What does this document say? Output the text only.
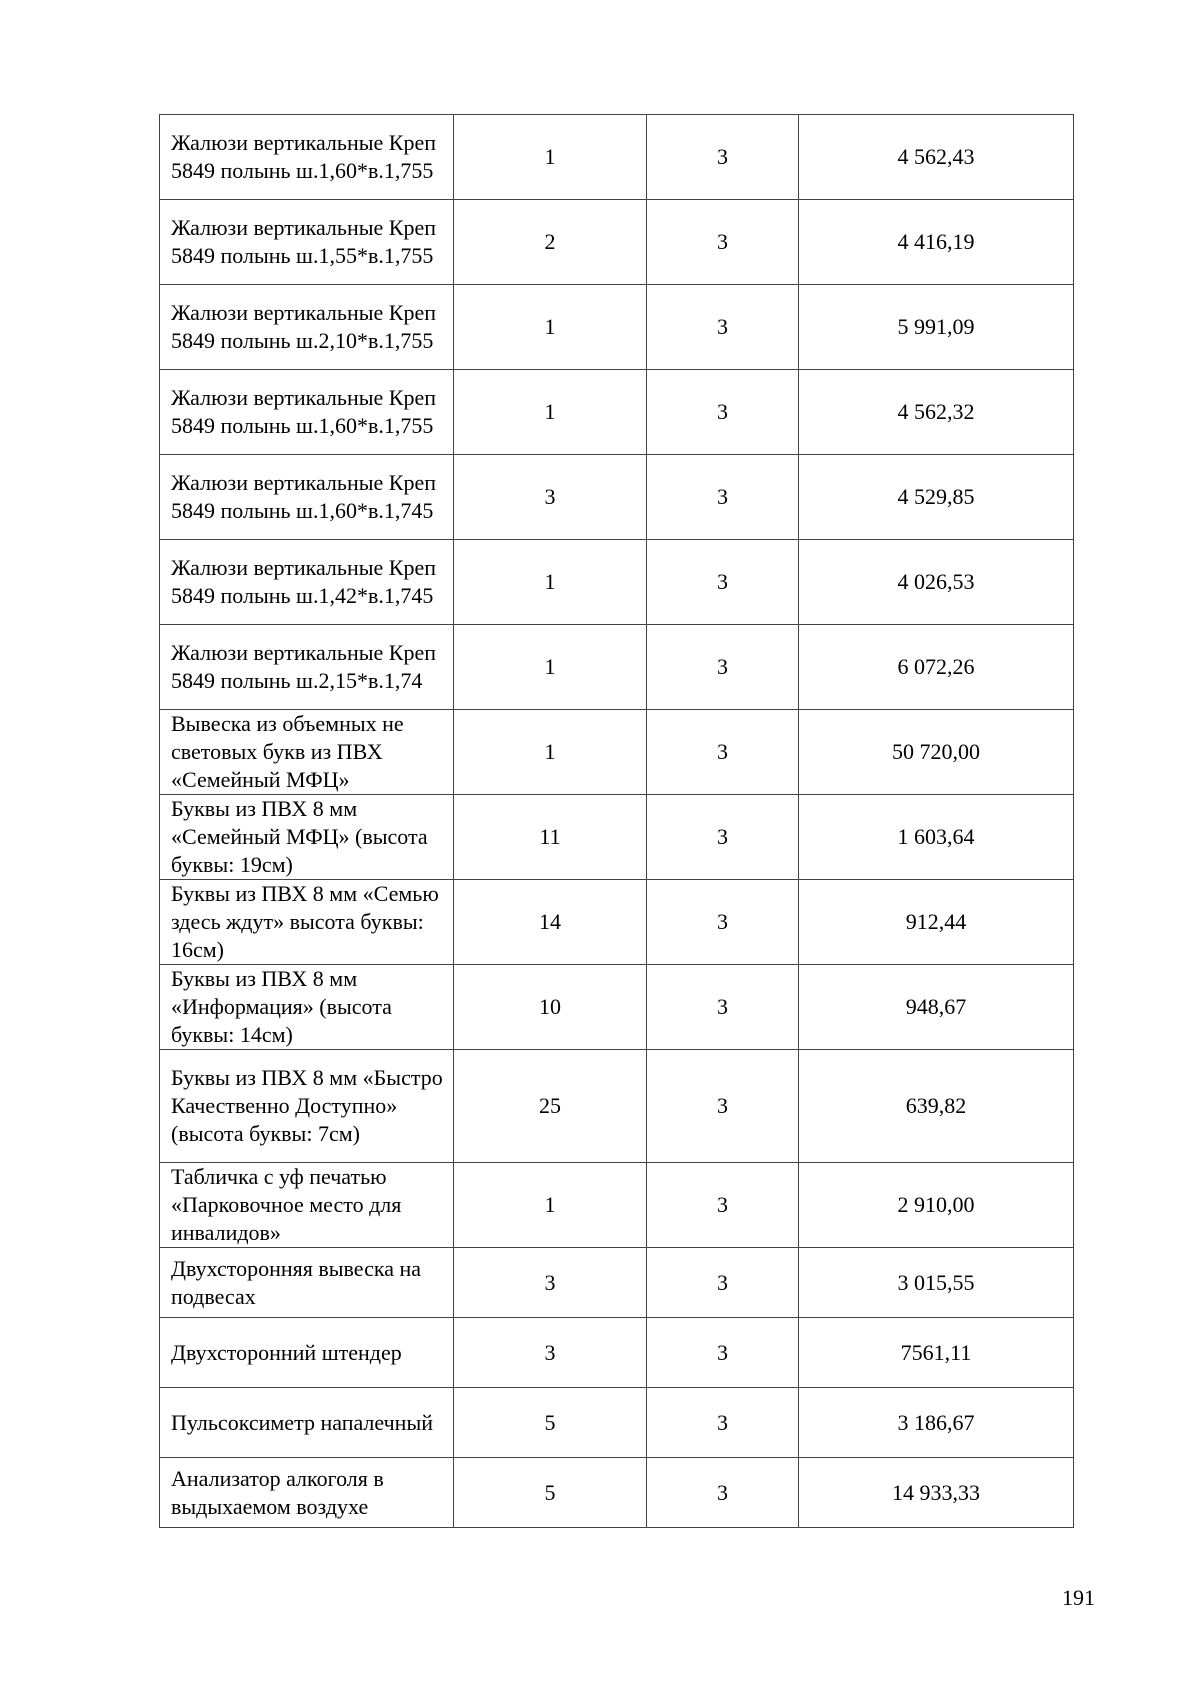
Жалюзи вертикальные Креп 5849 полынь ш.1,60*в.1,755	1	3	4 562,43
Жалюзи вертикальные Креп 5849 полынь ш.1,55*в.1,755	2	3	4 416,19
Жалюзи вертикальные Креп 5849 полынь ш.2,10*в.1,755	1	3	5 991,09
Жалюзи вертикальные Креп 5849 полынь ш.1,60*в.1,755	1	3	4 562,32
Жалюзи вертикальные Креп 5849 полынь ш.1,60*в.1,745	3	3	4 529,85
Жалюзи вертикальные Креп 5849 полынь ш.1,42*в.1,745	1	3	4 026,53
Жалюзи вертикальные Креп 5849 полынь ш.2,15*в.1,74	1	3	6 072,26
Вывеска из объемных не световых букв из ПВХ «Семейный МФЦ»	1	3	50 720,00
Буквы из ПВХ 8 мм «Семейный МФЦ» (высота буквы: 19см)	11	3	1 603,64
Буквы из ПВХ 8 мм «Семью здесь ждут» высота буквы: 16см)	14	3	912,44
Буквы из ПВХ 8 мм «Информация» (высота буквы: 14см)	10	3	948,67
Буквы из ПВХ 8 мм «Быстро Качественно Доступно» (высота буквы: 7см)	25	3	639,82
Табличка с уф печатью «Парковочное место для инвалидов»	1	3	2 910,00
Двухсторонняя вывеска на подвесах	3	3	3 015,55
Двухсторонний штендер	3	3	7561,11
Пульсоксиметр напалечный	5	3	3 186,67
Анализатор алкоголя в выдыхаемом воздухе	5	3	14 933,33
191
